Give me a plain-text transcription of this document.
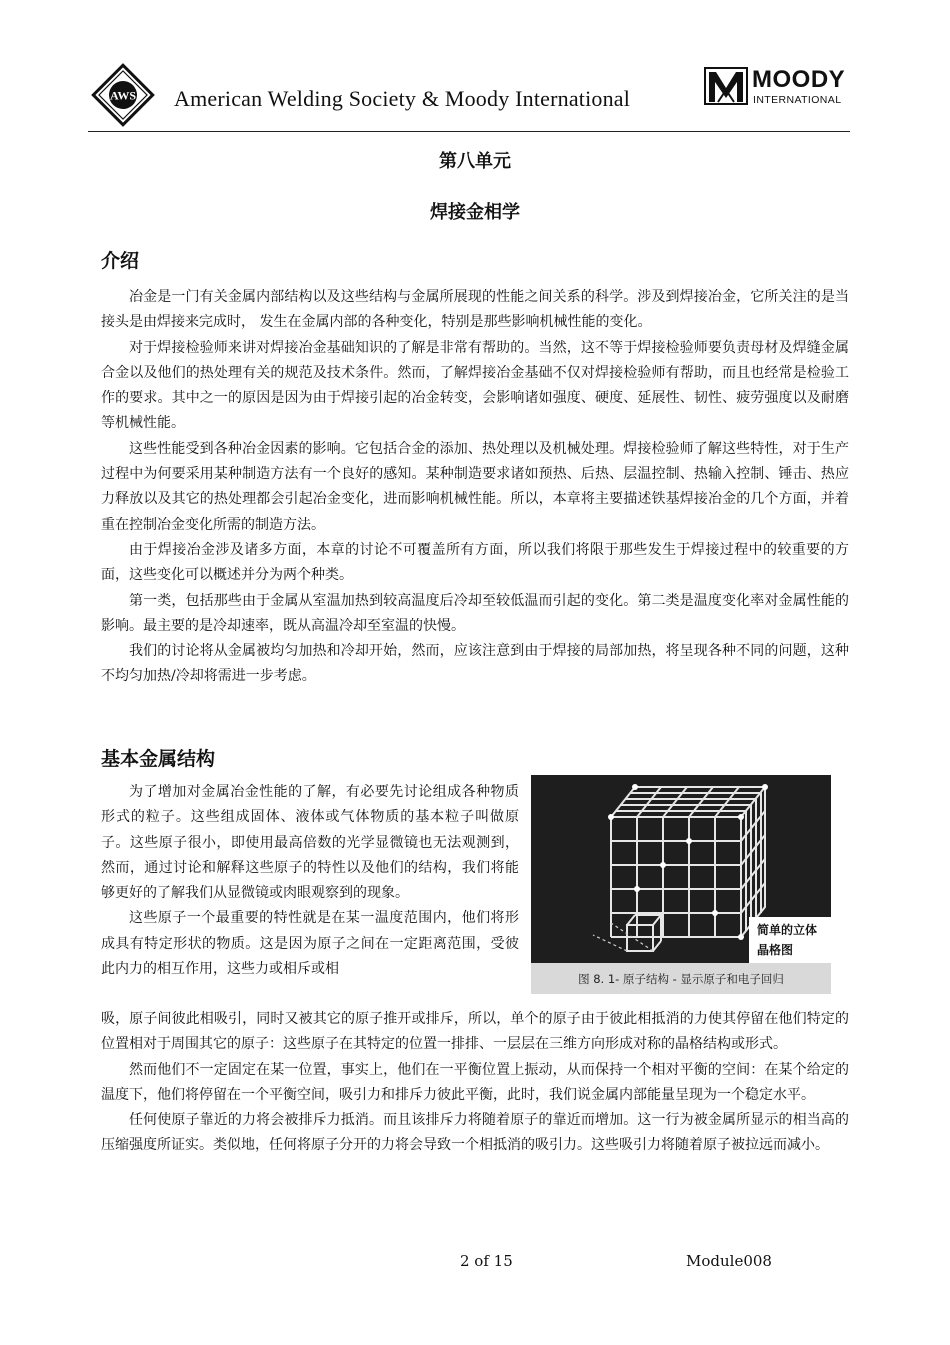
AWS American Welding Society & Moody International
MOODY
INTERNATIONAL
第八单元
焊接金相学
介绍

冶金是一门有关金属内部结构以及这些结构与金属所展现的性能之间关系的科学。涉及到焊接冶金，它所关注的是当接头是由焊接来完成时， 发生在金属内部的各种变化，特别是那些影响机械性能的变化。

对于焊接检验师来讲对焊接冶金基础知识的了解是非常有帮助的。当然，这不等于焊接检验师要负责母材及焊缝金属合金以及他们的热处理有关的规范及技术条件。然而，了解焊接冶金基础不仅对焊接检验师有帮助，而且也经常是检验工作的要求。其中之一的原因是因为由于焊接引起的冶金转变，会影响诸如强度、硬度、延展性、韧性、疲劳强度以及耐磨等机械性能。

这些性能受到各种冶金因素的影响。它包括合金的添加、热处理以及机械处理。焊接检验师了解这些特性，对于生产过程中为何要采用某种制造方法有一个良好的感知。某种制造要求诸如预热、后热、层温控制、热输入控制、锤击、热应力释放以及其它的热处理都会引起冶金变化，进而影响机械性能。所以，本章将主要描述铁基焊接冶金的几个方面，并着重在控制冶金变化所需的制造方法。

由于焊接冶金涉及诸多方面，本章的讨论不可覆盖所有方面，所以我们将限于那些发生于焊接过程中的较重要的方面，这些变化可以概述并分为两个种类。

第一类，包括那些由于金属从室温加热到较高温度后冷却至较低温而引起的变化。第二类是温度变化率对金属性能的影响。最主要的是冷却速率，既从高温冷却至室温的快慢。

我们的讨论将从金属被均匀加热和冷却开始，然而，应该注意到由于焊接的局部加热，将呈现各种不同的问题，这种不均匀加热/冷却将需进一步考虑。

基本金属结构

为了增加对金属冶金性能的了解，有必要先讨论组成各种物质形式的粒子。这些组成固体、液体或气体物质的基本粒子叫做原子。这些原子很小，即使用最高倍数的光学显微镜也无法观测到，然而，通过讨论和解释这些原子的特性以及他们的结构，我们将能够更好的了解我们从显微镜或肉眼观察到的现象。

这些原子一个最重要的特性就是在某一温度范围内，他们将形成具有特定形状的物质。这是因为原子之间在一定距离范围，受彼此内力的相互作用，这些力或相斥或相

简单的立体
晶格图
图 8. 1- 原子结构 - 显示原子和电子回归

吸，原子间彼此相吸引，同时又被其它的原子推开或排斥，所以，单个的原子由于彼此相抵消的力使其停留在他们特定的位置相对于周围其它的原子：这些原子在其特定的位置一排排、一层层在三维方向形成对称的晶格结构或形式。

然而他们不一定固定在某一位置，事实上，他们在一平衡位置上振动，从而保持一个相对平衡的空间：在某个给定的温度下，他们将停留在一个平衡空间，吸引力和排斥力彼此平衡，此时，我们说金属内部能量呈现为一个稳定水平。

任何使原子靠近的力将会被排斥力抵消。而且该排斥力将随着原子的靠近而增加。这一行为被金属所显示的相当高的压缩强度所证实。类似地，任何将原子分开的力将会导致一个相抵消的吸引力。这些吸引力将随着原子被拉远而减小。

2 of 15	Module008
